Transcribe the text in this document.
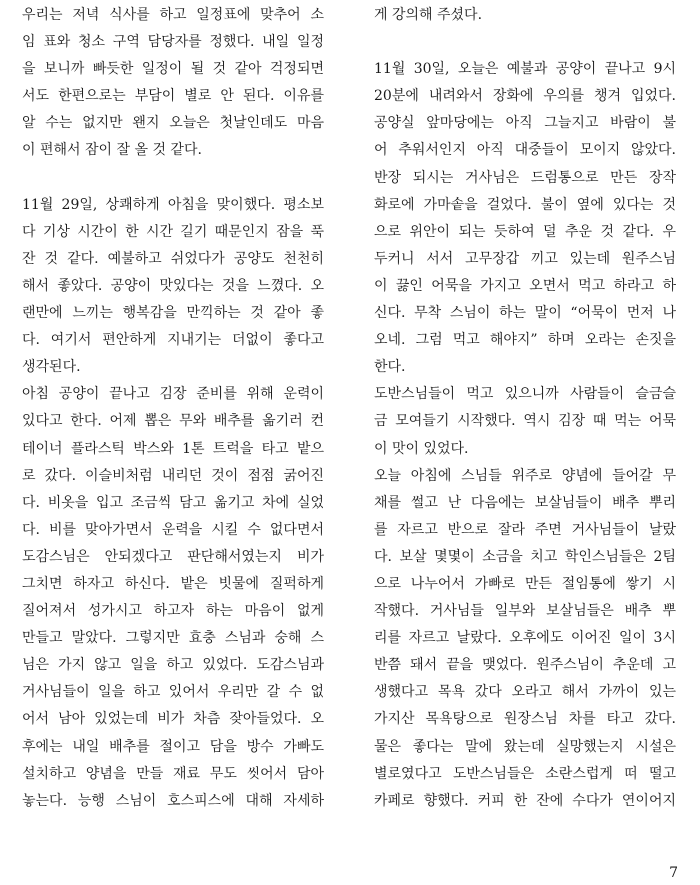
우리는 저녁 식사를 하고 일정표에 맞추어 소
임 표와 청소 구역 담당자를 정했다. 내일 일정
을 보니까 빠듯한 일정이 될 것 같아 걱정되면
서도 한편으로는 부담이 별로 안 된다. 이유를
알 수는 없지만 왠지 오늘은 첫날인데도 마음
이 편해서 잠이 잘 올 것 같다.
11월 29일, 상쾌하게 아침을 맞이했다. 평소보
다 기상 시간이 한 시간 길기 때문인지 잠을 푹
잔 것 같다. 예불하고 쉬었다가 공양도 천천히
해서 좋았다. 공양이 맛있다는 것을 느꼈다. 오
랜만에 느끼는 행복감을 만끽하는 것 같아 좋
다. 여기서 편안하게 지내기는 더없이 좋다고
생각된다.
아침 공양이 끝나고 김장 준비를 위해 운력이
있다고 한다. 어제 뽑은 무와 배추를 옮기러 컨
테이너 플라스틱 박스와 1톤 트럭을 타고 밭으
로 갔다. 이슬비처럼 내리던 것이 점점 굵어진
다. 비옷을 입고 조금씩 담고 옮기고 차에 실었
다. 비를 맞아가면서 운력을 시킬 수 없다면서
도감스님은 안되겠다고 판단해서였는지 비가
그치면 하자고 하신다. 밭은 빗물에 질퍽하게
질어져서 성가시고 하고자 하는 마음이 없게
만들고 말았다. 그렇지만 효충 스님과 숭해 스
님은 가지 않고 일을 하고 있었다. 도감스님과
거사님들이 일을 하고 있어서 우리만 갈 수 없
어서 남아 있었는데 비가 차츰 잦아들었다. 오
후에는 내일 배추를 절이고 담을 방수 가빠도
설치하고 양념을 만들 재료 무도 씻어서 담아
놓는다. 능행 스님이 호스피스에 대해 자세하
게 강의해 주셨다.
11월 30일, 오늘은 예불과 공양이 끝나고 9시
20분에 내려와서 장화에 우의를 챙겨 입었다.
공양실 앞마당에는 아직 그늘지고 바람이 불
어 추워서인지 아직 대중들이 모이지 않았다.
반장 되시는 거사님은 드럼통으로 만든 장작
화로에 가마솥을 걸었다. 불이 옆에 있다는 것
으로 위안이 되는 듯하여 덜 추운 것 같다. 우
두커니 서서 고무장갑 끼고 있는데 원주스님
이 끓인 어묵을 가지고 오면서 먹고 하라고 하
신다. 무착 스님이 하는 말이 “어묵이 먼저 나
오네. 그럼 먹고 해야지” 하며 오라는 손짓을
한다.
도반스님들이 먹고 있으니까 사람들이 슬금슬
금 모여들기 시작했다. 역시 김장 때 먹는 어묵
이 맛이 있었다.
오늘 아침에 스님들 위주로 양념에 들어갈 무
채를 썰고 난 다음에는 보살님들이 배추 뿌리
를 자르고 반으로 잘라 주면 거사님들이 날랐
다. 보살 몇몇이 소금을 치고 학인스님들은 2팀
으로 나누어서 가빠로 만든 절임통에 쌓기 시
작했다. 거사님들 일부와 보살님들은 배추 뿌
리를 자르고 날랐다. 오후에도 이어진 일이 3시
반쯤 돼서 끝을 맺었다. 원주스님이 추운데 고
생했다고 목욕 갔다 오라고 해서 가까이 있는
가지산 목욕탕으로 원장스님 차를 타고 갔다.
물은 좋다는 말에 왔는데 실망했는지 시설은
별로였다고 도반스님들은 소란스럽게 떠 떨고
카페로 향했다. 커피 한 잔에 수다가 연이어지
7
